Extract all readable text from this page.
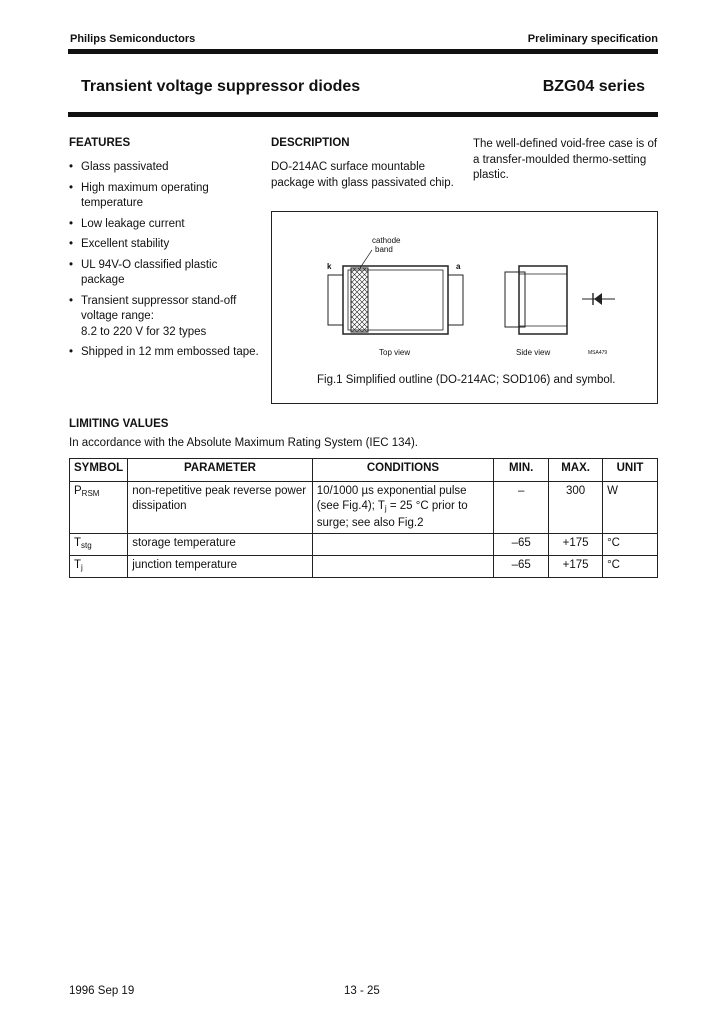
Philips Semiconductors	Preliminary specification
Transient voltage suppressor diodes	BZG04 series
FEATURES
• Glass passivated
• High maximum operating temperature
• Low leakage current
• Excellent stability
• UL 94V-O classified plastic package
• Transient suppressor stand-off voltage range:
8.2 to 220 V for 32 types
• Shipped in 12 mm embossed tape.
DESCRIPTION
DO-214AC surface mountable package with glass passivated chip.
The well-defined void-free case is of a transfer-moulded thermo-setting plastic.
cathode
band
k	a
Top view	Side view	MSA479
Fig.1 Simplified outline (DO-214AC; SOD106) and symbol.
LIMITING VALUES
In accordance with the Absolute Maximum Rating System (IEC 134).
SYMBOL	PARAMETER	CONDITIONS	MIN.	MAX.	UNIT
$P_{RSM}$	non-repetitive peak reverse power dissipation	10/1000 µs exponential pulse (see Fig.4); $T_j = 25$ °C prior to surge; see also Fig.2	–	300	W
$T_{stg}$	storage temperature		–65	+175	°C
$T_j$	junction temperature		–65	+175	°C
1996 Sep 19	13 - 25
